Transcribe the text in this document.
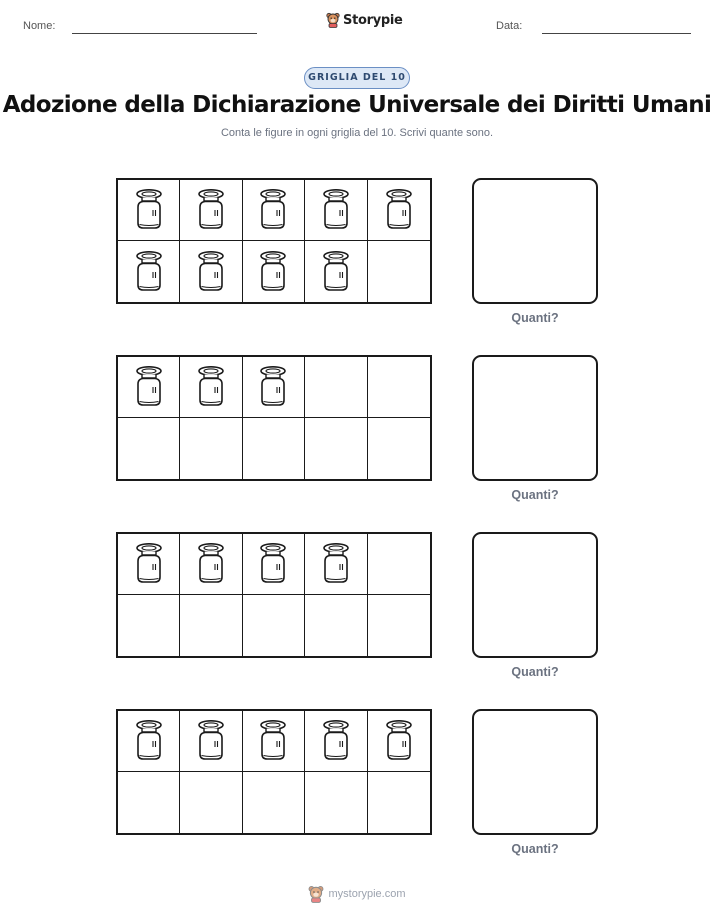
Nome:	Storypie	Data:
GRIGLIA DEL 10
Adozione della Dichiarazione Universale dei Diritti Umani
Conta le figure in ogni griglia del 10. Scrivi quante sono.
Quanti?
Quanti?
Quanti?
Quanti?
mystorypie.com
